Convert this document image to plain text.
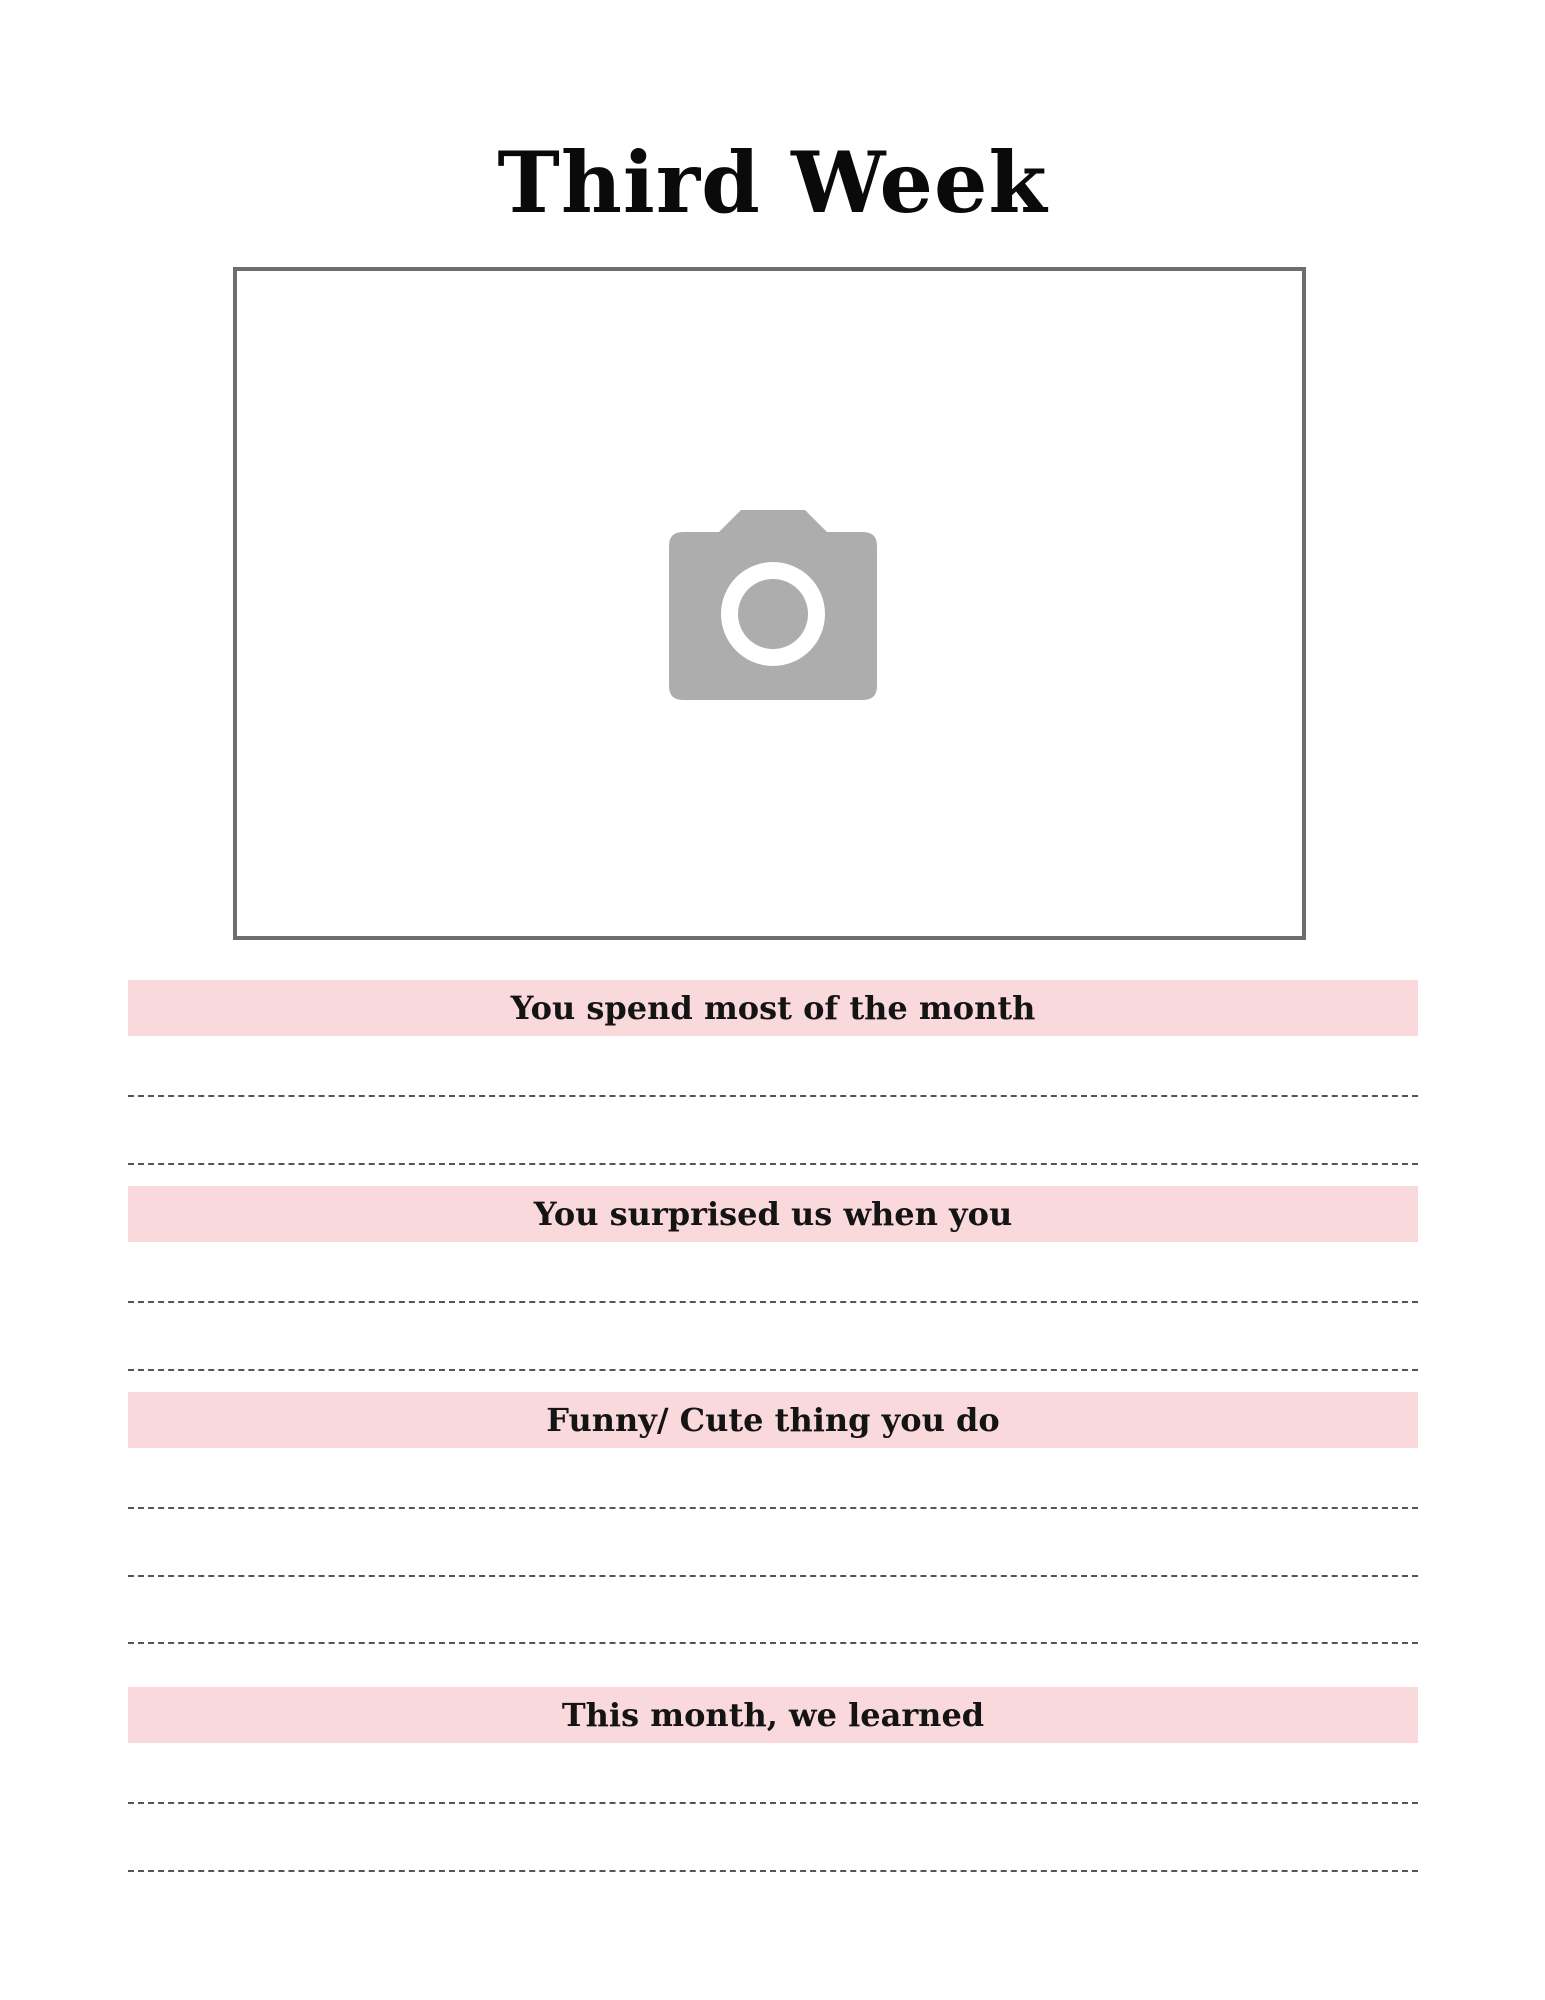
Third Week
You spend most of the month
You surprised us when you
Funny/ Cute thing you do
This month, we learned
